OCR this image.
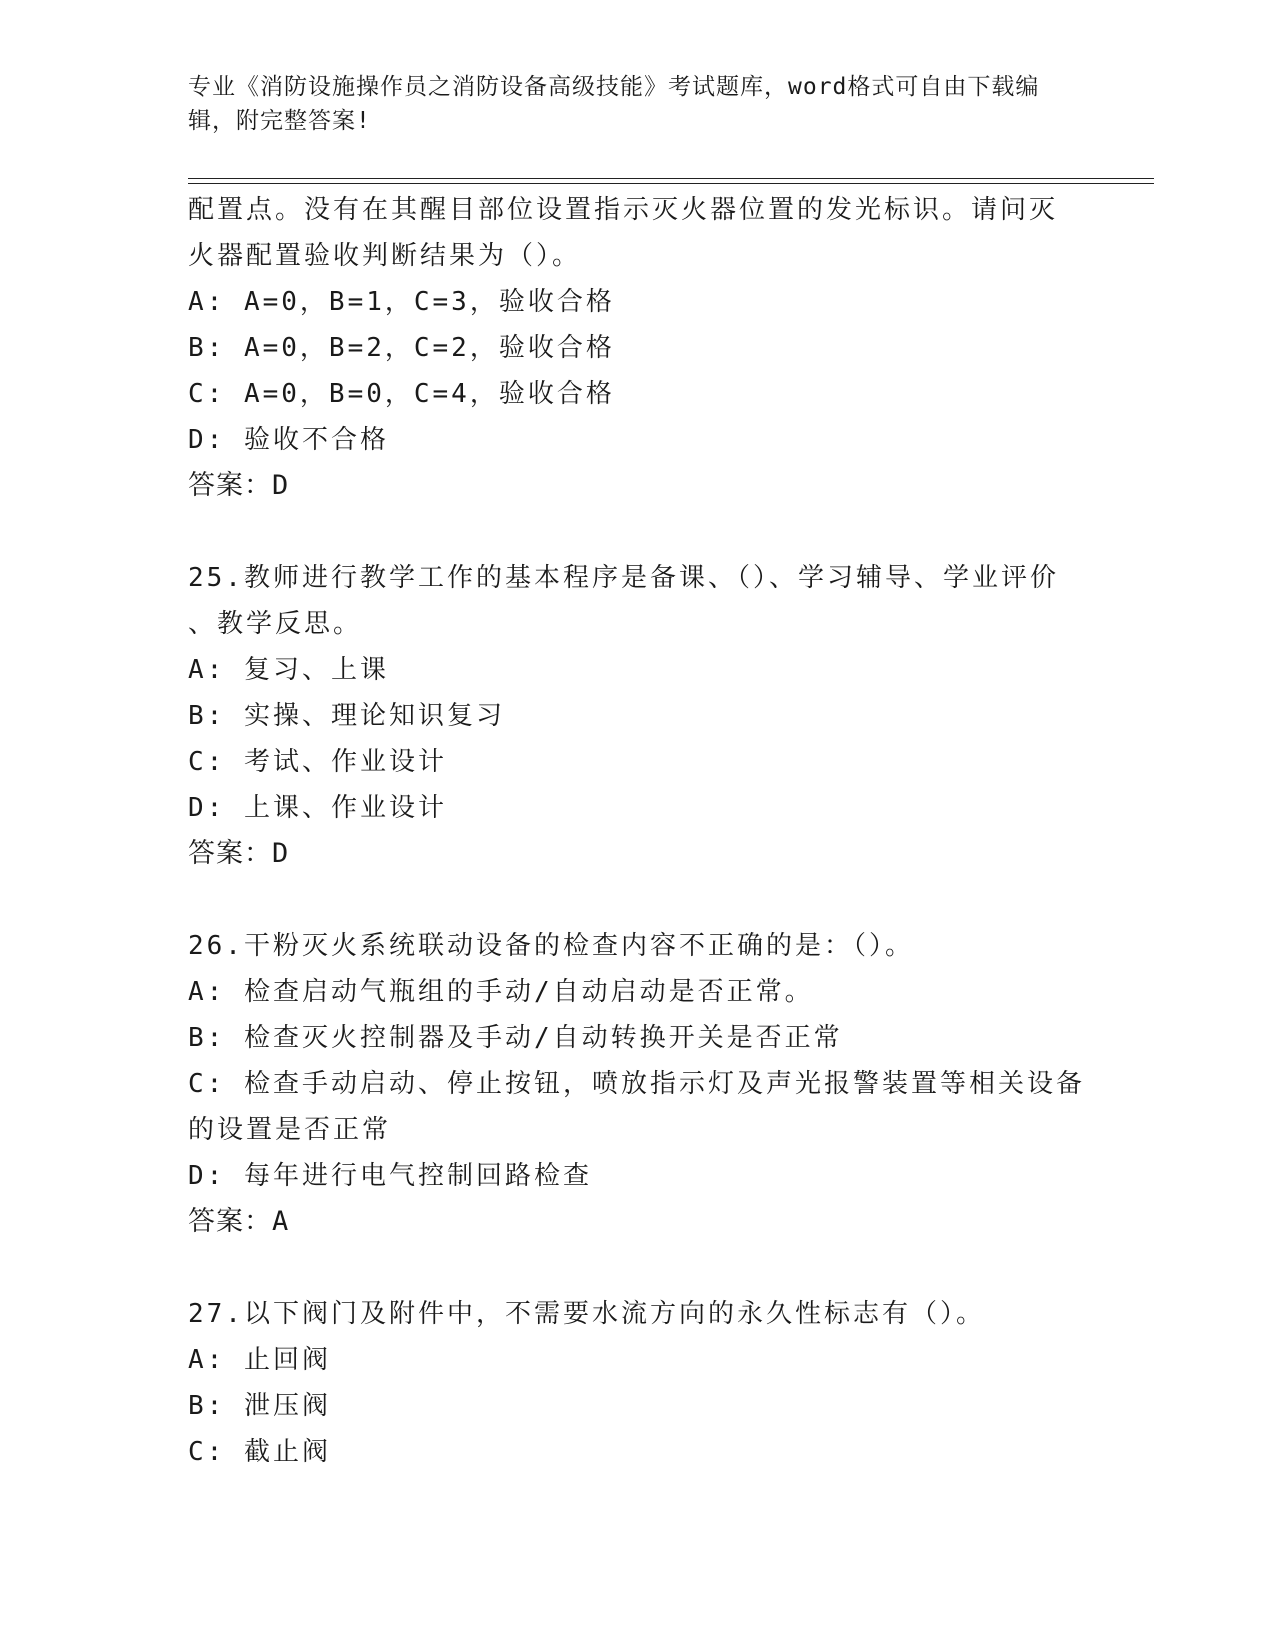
专业《消防设施操作员之消防设备高级技能》考试题库，word格式可自由下载编
辑，附完整答案!
配置点。没有在其醒目部位设置指示灭火器位置的发光标识。请问灭
火器配置验收判断结果为（）。
A: A=0，B=1，C=3，验收合格
B: A=0，B=2，C=2，验收合格
C: A=0，B=0，C=4，验收合格
D: 验收不合格
答案：D
25.教师进行教学工作的基本程序是备课、（）、学习辅导、学业评价
、教学反思。
A: 复习、上课
B: 实操、理论知识复习
C: 考试、作业设计
D: 上课、作业设计
答案：D
26.干粉灭火系统联动设备的检查内容不正确的是：（）。
A: 检查启动气瓶组的手动/自动启动是否正常。
B: 检查灭火控制器及手动/自动转换开关是否正常
C: 检查手动启动、停止按钮，喷放指示灯及声光报警装置等相关设备
的设置是否正常
D: 每年进行电气控制回路检查
答案：A
27.以下阀门及附件中，不需要水流方向的永久性标志有（）。
A: 止回阀
B: 泄压阀
C: 截止阀
